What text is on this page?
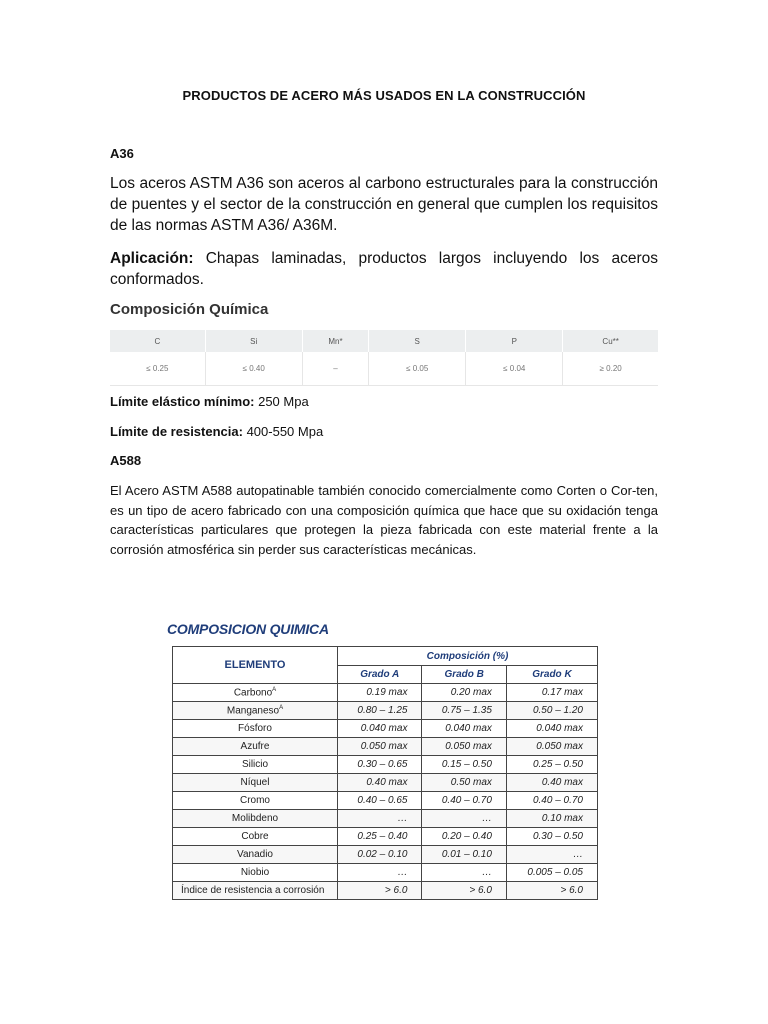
PRODUCTOS DE ACERO MÁS USADOS EN LA CONSTRUCCIÓN
A36
Los aceros ASTM A36 son aceros al carbono estructurales para la construcción de puentes y el sector de la construcción en general que cumplen los requisitos de las normas ASTM A36/ A36M.
Aplicación: Chapas laminadas, productos largos incluyendo los aceros conformados.
Composición Química
C	Si	Mn*	S	P	Cu**
≤ 0.25	≤ 0.40	–	≤ 0.05	≤ 0.04	≥ 0.20
Límite elástico mínimo: 250 Mpa
Límite de resistencia: 400-550 Mpa
A588
El Acero ASTM A588 autopatinable también conocido comercialmente como Corten o Cor-ten, es un tipo de acero fabricado con una composición química que hace que su oxidación tenga características particulares que protegen la pieza fabricada con este material frente a la corrosión atmosférica sin perder sus características mecánicas.
COMPOSICION QUIMICA
ELEMENTO	Composición (%)		
	Grado A	Grado B	Grado K
Carbono$^A$	0.19 max	0.20 max	0.17 max
Manganeso$^A$	0.80 – 1.25	0.75 – 1.35	0.50 – 1.20
Fósforo	0.040 max	0.040 max	0.040 max
Azufre	0.050 max	0.050 max	0.050 max
Silicio	0.30 – 0.65	0.15 – 0.50	0.25 – 0.50
Níquel	0.40 max	0.50 max	0.40 max
Cromo	0.40 – 0.65	0.40 – 0.70	0.40 – 0.70
Molibdeno	…	…	0.10 max
Cobre	0.25 – 0.40	0.20 – 0.40	0.30 – 0.50
Vanadio	0.02 – 0.10	0.01 – 0.10	…
Niobio	…	…	0.005 – 0.05
Índice de resistencia a corrosión	> 6.0	> 6.0	> 6.0
